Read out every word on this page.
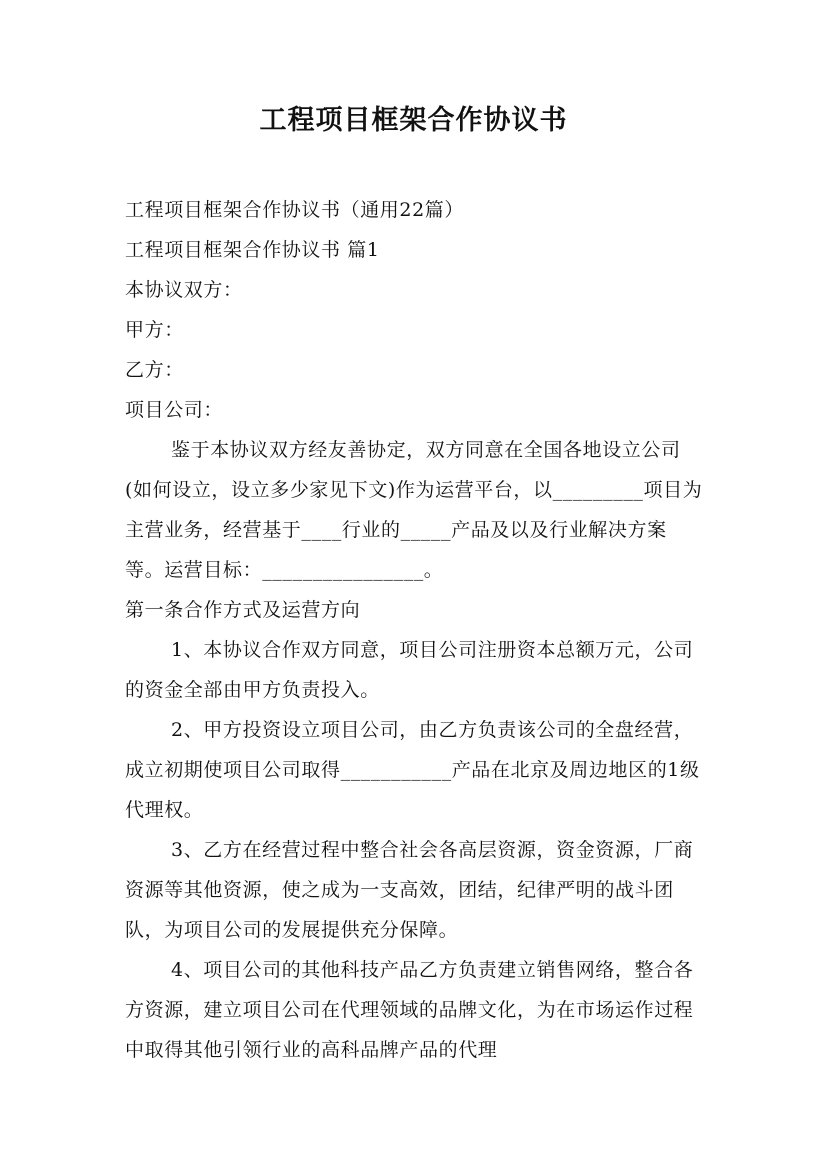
工程项目框架合作协议书

工程项目框架合作协议书（通用22篇）

工程项目框架合作协议书 篇1

本协议双方：

甲方：

乙方：

项目公司：

鉴于本协议双方经友善协定，双方同意在全国各地设立公司(如何设立，设立多少家见下文)作为运营平台，以_________项目为主营业务，经营基于____行业的_____产品及以及行业解决方案等。运营目标：________________。

第一条合作方式及运营方向

1、本协议合作双方同意，项目公司注册资本总额万元，公司的资金全部由甲方负责投入。

2、甲方投资设立项目公司，由乙方负责该公司的全盘经营，成立初期使项目公司取得___________产品在北京及周边地区的1级代理权。

3、乙方在经营过程中整合社会各高层资源，资金资源，厂商资源等其他资源，使之成为一支高效，团结，纪律严明的战斗团队，为项目公司的发展提供充分保障。

4、项目公司的其他科技产品乙方负责建立销售网络，整合各方资源，建立项目公司在代理领域的品牌文化，为在市场运作过程中取得其他引领行业的高科品牌产品的代理
